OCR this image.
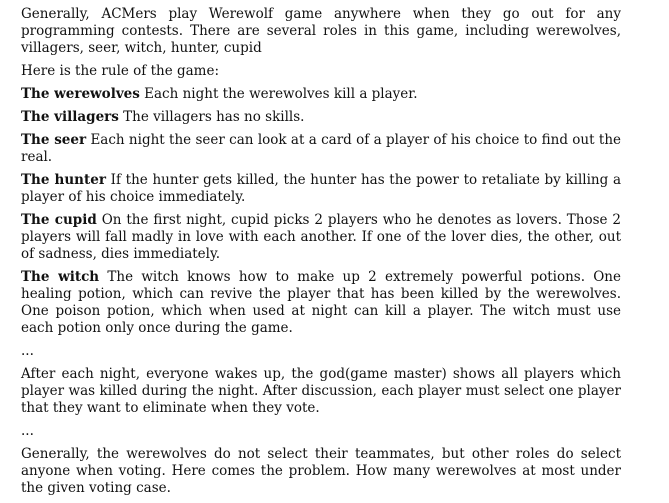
Generally, ACMers play Werewolf game anywhere when they go out for any programming contests. There are several roles in this game, including werewolves, villagers, seer, witch, hunter, cupid

Here is the rule of the game:

The werewolves Each night the werewolves kill a player.

The villagers The villagers has no skills.

The seer Each night the seer can look at a card of a player of his choice to find out the real.

The hunter If the hunter gets killed, the hunter has the power to retaliate by killing a player of his choice immediately.

The cupid On the first night, cupid picks 2 players who he denotes as lovers. Those 2 players will fall madly in love with each another. If one of the lover dies, the other, out of sadness, dies immediately.

The witch The witch knows how to make up 2 extremely powerful potions. One healing potion, which can revive the player that has been killed by the werewolves. One poison potion, which when used at night can kill a player. The witch must use each potion only once during the game.

...

After each night, everyone wakes up, the god(game master) shows all players which player was killed during the night. After discussion, each player must select one player that they want to eliminate when they vote.

...

Generally, the werewolves do not select their teammates, but other roles do select anyone when voting. Here comes the problem. How many werewolves at most under the given voting case.
